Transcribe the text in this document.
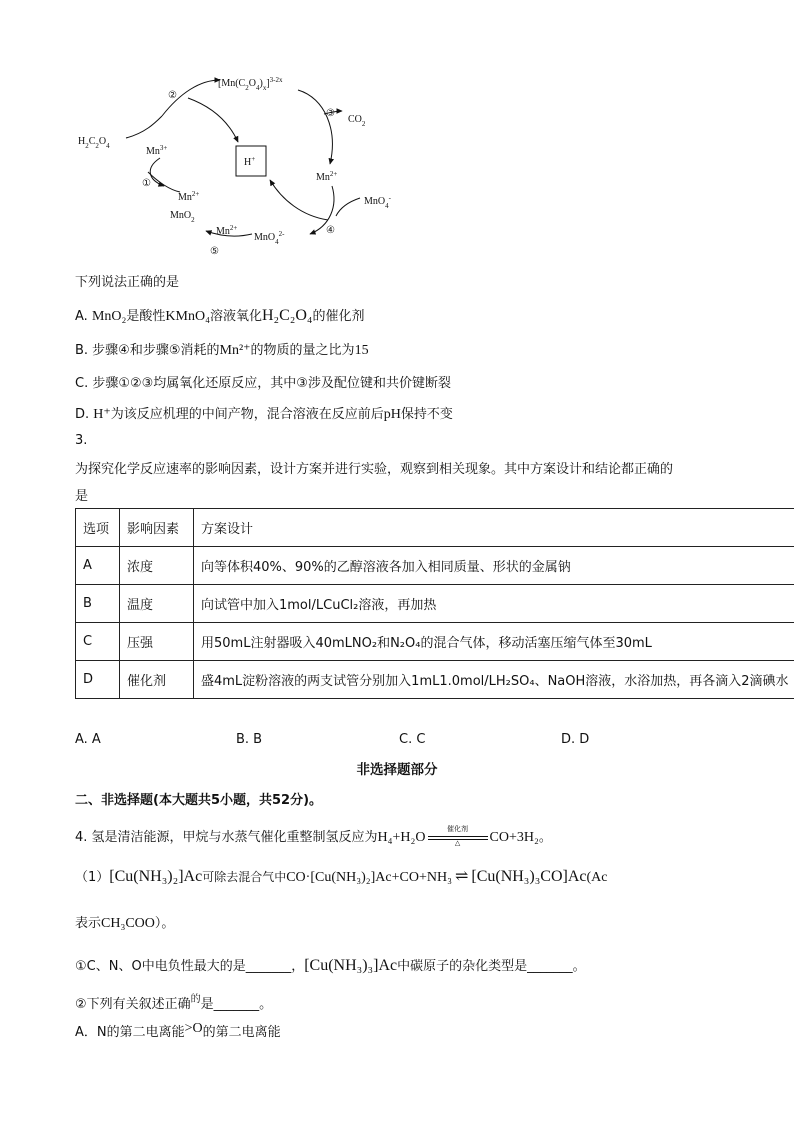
H+
$H_2C_2O_4$	$Mn^{3+}$
$[Mn(C_2O_4)_x]^{3-2x}$
$CO_2$
$Mn^{2+}$
MnO$_4$-
MnO$_4^{2-}$
$Mn^{2+}$
MnO$_2$
$Mn^{2+}$
②
③
①
④
⑤
下列说法正确的是
A. MnO₂是酸性KMnO₄溶液氧化H₂C₂O₄的催化剂
B. 步骤④和步骤⑤消耗的Mn²⁺的物质的量之比为15
C. 步骤①②③均属氧化还原反应，其中③涉及配位键和共价键断裂
D. H⁺为该反应机理的中间产物，混合溶液在反应前后pH保持不变
3.
为探究化学反应速率的影响因素，设计方案并进行实验，观察到相关现象。其中方案设计和结论都正确的
是
选项	影响因素	方案设计
A	浓度	向等体积40%、90%的乙醇溶液各加入相同质量、形状的金属钠
B	温度	向试管中加入1mol/LCuCl₂溶液，再加热
C	压强	用50mL注射器吸入40mLNO₂和N₂O₄的混合气体，移动活塞压缩气体至30mL
D	催化剂	盛4mL淀粉溶液的两支试管分别加入1mL1.0mol/LH₂SO₄、NaOH溶液，水浴加热，再各滴入2滴碘水
A. A	B. B	C. C	D. D
非选择题部分
二、非选择题(本大题共5小题，共52分)。
4. 氢是清洁能源，甲烷与水蒸气催化重整制氢反应为H₄+H₂O
催化剂
△	CO+3H₂。
（1）[Cu(NH₃)₂]Ac可除去混合气中CO·[Cu(NH₃)₂]Ac+CO+NH₃ ⇌ [Cu(NH₃)₃CO]Ac(Ac
表示CH₃COO）。
①C、N、O中电负性最大的是_______，[Cu(NH₃)₃]Ac中碳原子的杂化类型是_______。
②下列有关叙述正确$^的$是_______。
A．N的第二电离能>O的第二电离能
